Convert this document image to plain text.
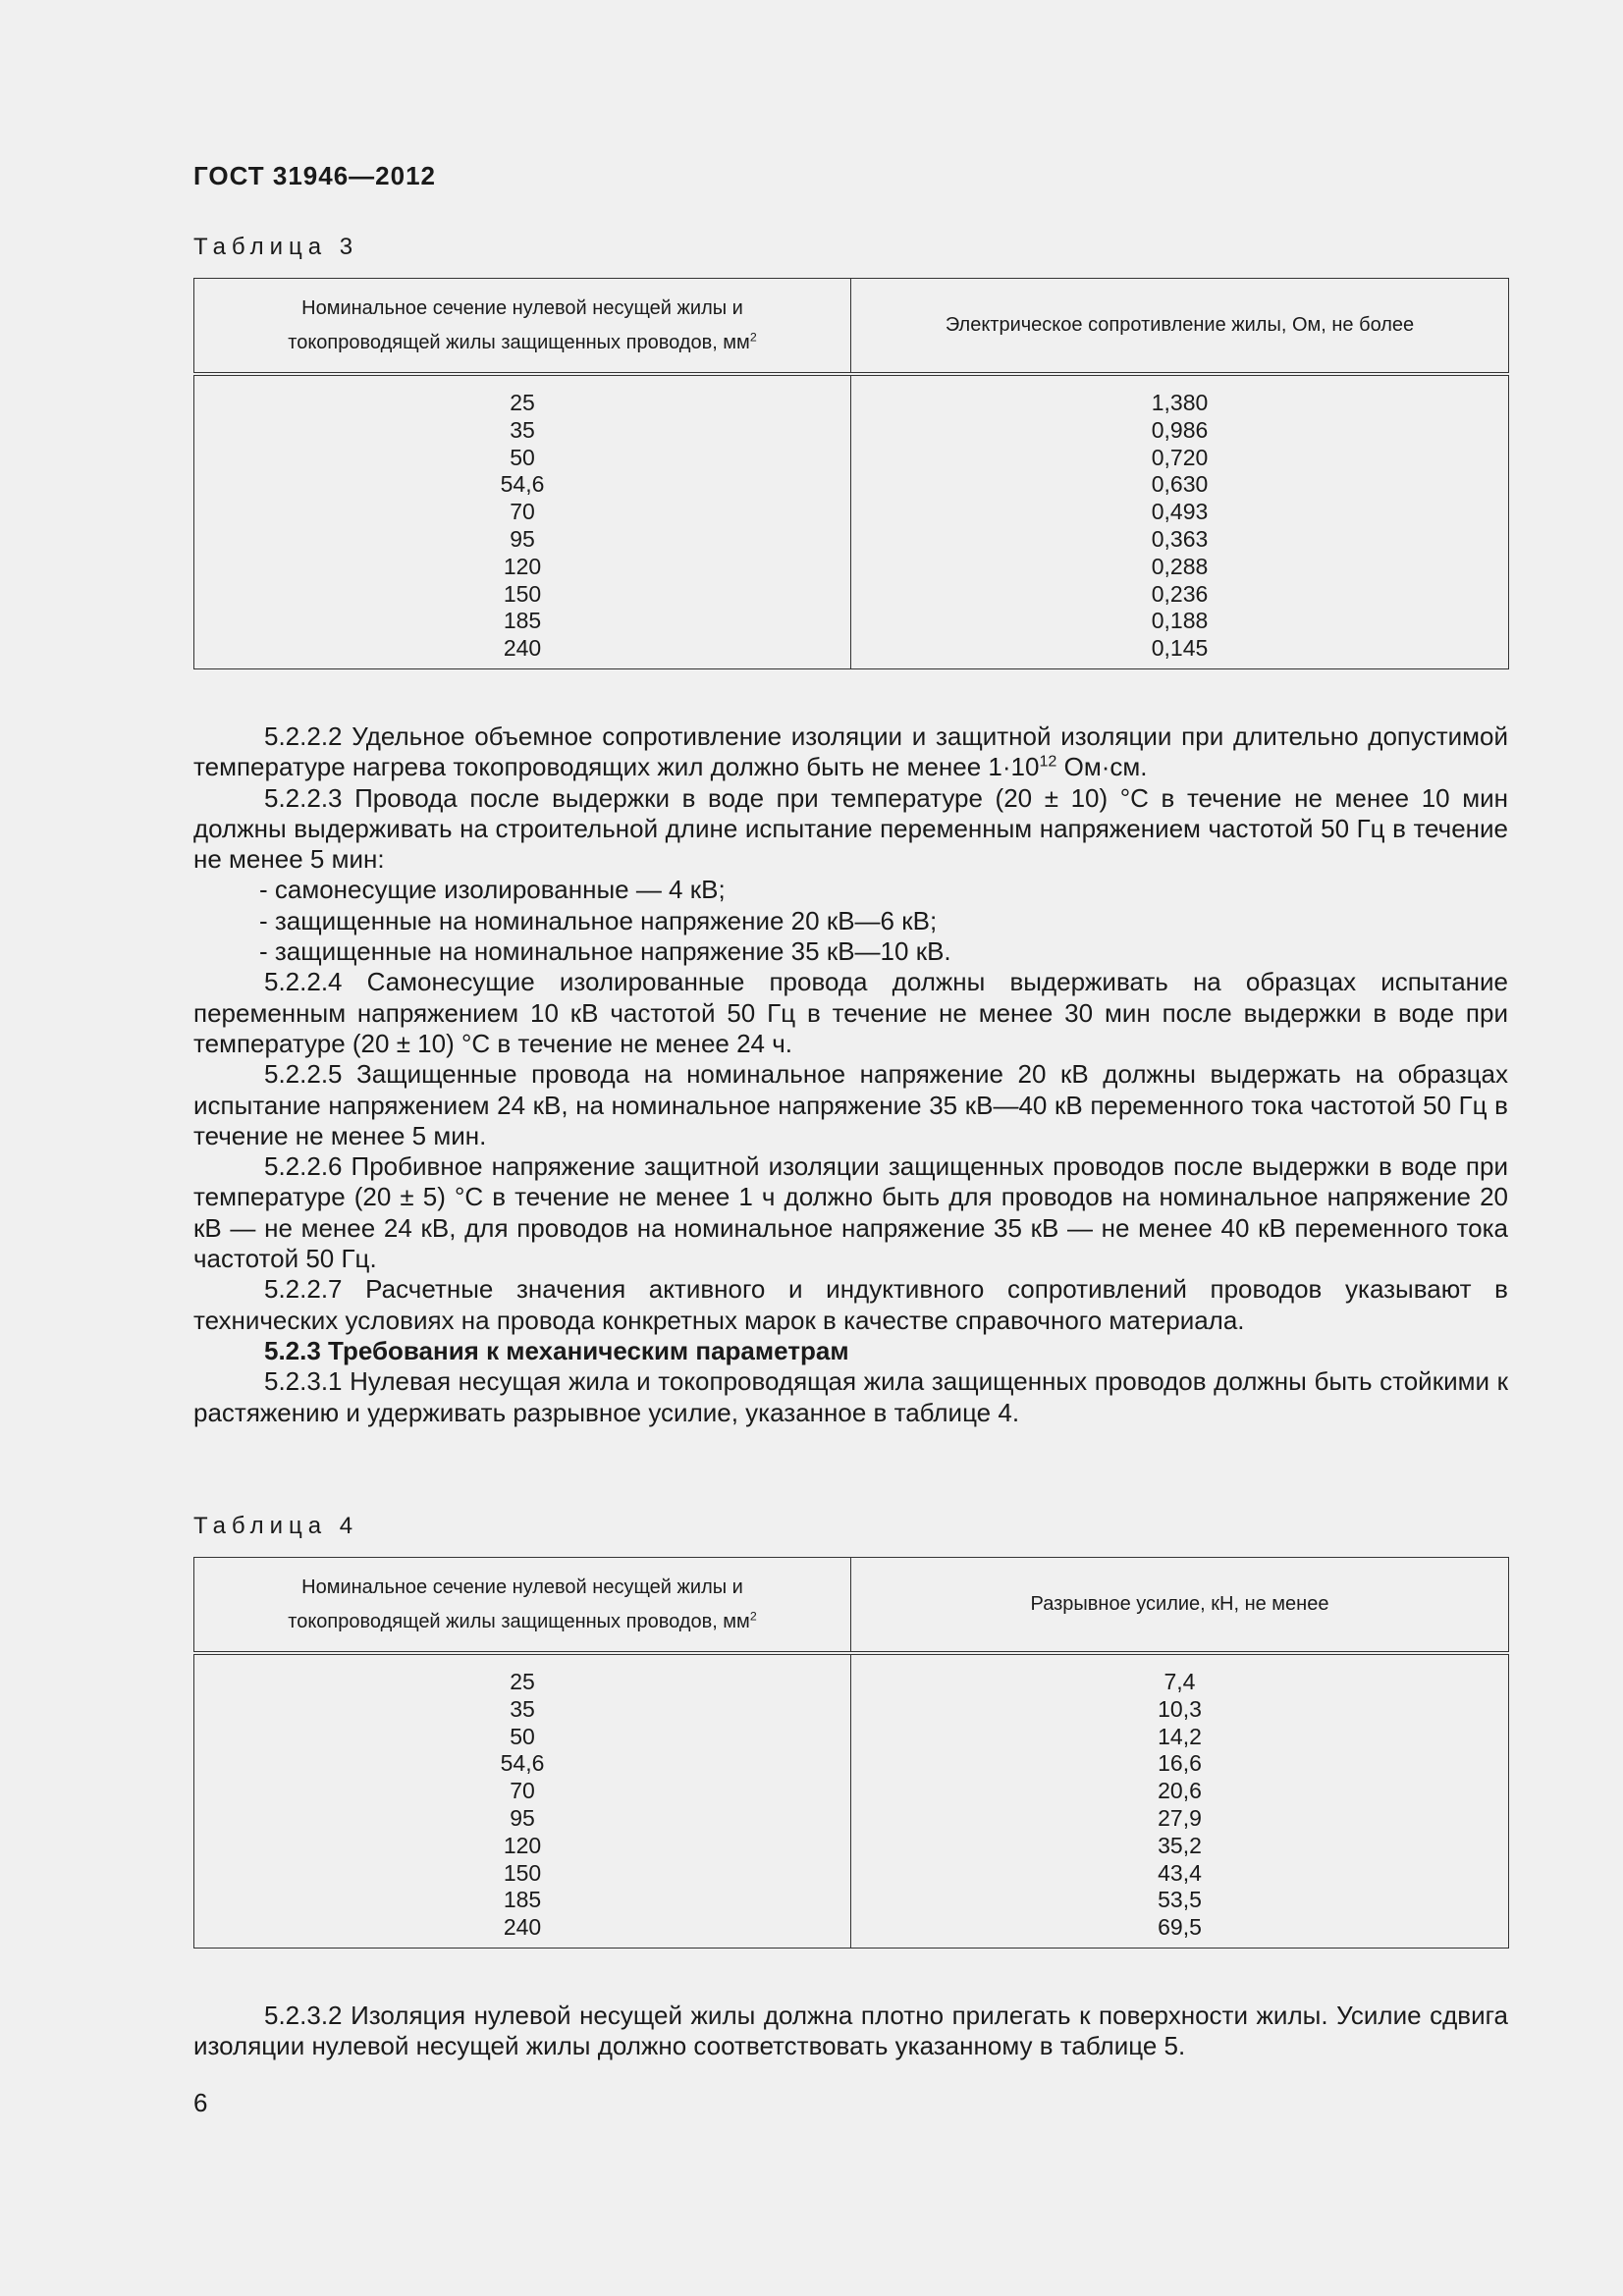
ГОСТ 31946—2012
Таблица 3
Номинальное сечение нулевой несущей жилы и
токопроводящей жилы защищенных проводов, $мм^2$	Электрическое сопротивление жилы, Ом, не более
25	1,380
35	0,986
50	0,720
54,6	0,630
70	0,493
95	0,363
120	0,288
150	0,236
185	0,188
240	0,145

5.2.2.2 Удельное объемное сопротивление изоляции и защитной изоляции при длительно допустимой температуре нагрева токопроводящих жил должно быть не менее $1\cdot 10^{12}$ Ом·см.

5.2.2.3 Провода после выдержки в воде при температуре (20 ± 10) °С в течение не менее 10 мин должны выдерживать на строительной длине испытание переменным напряжением частотой 50 Гц в течение не менее 5 мин:

- самонесущие изолированные — 4 кВ;

- защищенные на номинальное напряжение 20 кВ—6 кВ;

- защищенные на номинальное напряжение 35 кВ—10 кВ.

5.2.2.4 Самонесущие изолированные провода должны выдерживать на образцах испытание переменным напряжением 10 кВ частотой 50 Гц в течение не менее 30 мин после выдержки в воде при температуре (20 ± 10) °С в течение не менее 24 ч.

5.2.2.5 Защищенные провода на номинальное напряжение 20 кВ должны выдержать на образцах испытание напряжением 24 кВ, на номинальное напряжение 35 кВ—40 кВ переменного тока частотой 50 Гц в течение не менее 5 мин.

5.2.2.6 Пробивное напряжение защитной изоляции защищенных проводов после выдержки в воде при температуре (20 ± 5) °С в течение не менее 1 ч должно быть для проводов на номинальное напряжение 20 кВ — не менее 24 кВ, для проводов на номинальное напряжение 35 кВ — не менее 40 кВ переменного тока частотой 50 Гц.

5.2.2.7 Расчетные значения активного и индуктивного сопротивлений проводов указывают в технических условиях на провода конкретных марок в качестве справочного материала.

5.2.3 Требования к механическим параметрам

5.2.3.1 Нулевая несущая жила и токопроводящая жила защищенных проводов должны быть стойкими к растяжению и удерживать разрывное усилие, указанное в таблице 4.

Таблица 4
Номинальное сечение нулевой несущей жилы и
токопроводящей жилы защищенных проводов, $мм^2$	Разрывное усилие, кН, не менее
25	7,4
35	10,3
50	14,2
54,6	16,6
70	20,6
95	27,9
120	35,2
150	43,4
185	53,5
240	69,5

5.2.3.2 Изоляция нулевой несущей жилы должна плотно прилегать к поверхности жилы. Усилие сдвига изоляции нулевой несущей жилы должно соответствовать указанному в таблице 5.

6
